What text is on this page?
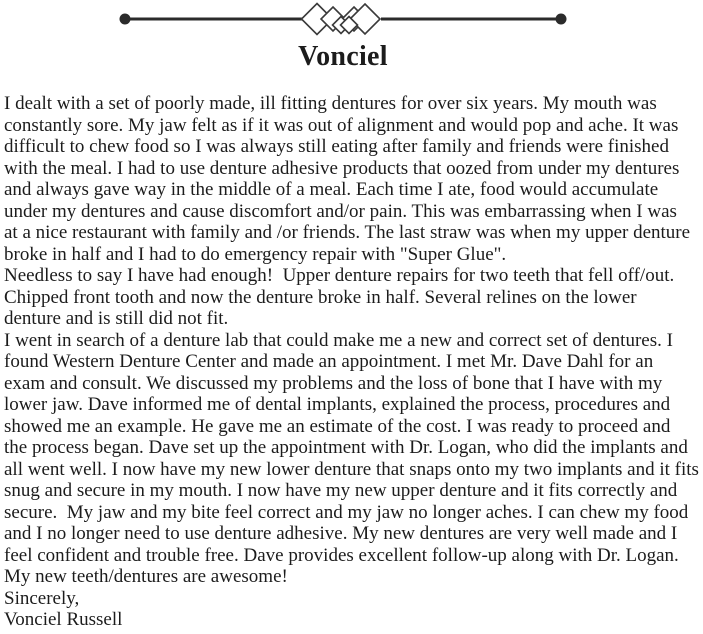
Vonciel
I dealt with a set of poorly made, ill fitting dentures for over six years. My mouth was
constantly sore. My jaw felt as if it was out of alignment and would pop and ache. It was
difficult to chew food so I was always still eating after family and friends were finished
with the meal. I had to use denture adhesive products that oozed from under my dentures
and always gave way in the middle of a meal. Each time I ate, food would accumulate
under my dentures and cause discomfort and/or pain. This was embarrassing when I was
at a nice restaurant with family and /or friends. The last straw was when my upper denture
broke in half and I had to do emergency repair with "Super Glue".
Needless to say I have had enough!  Upper denture repairs for two teeth that fell off/out.
Chipped front tooth and now the denture broke in half. Several relines on the lower
denture and is still did not fit.
I went in search of a denture lab that could make me a new and correct set of dentures. I
found Western Denture Center and made an appointment. I met Mr. Dave Dahl for an
exam and consult. We discussed my problems and the loss of bone that I have with my
lower jaw. Dave informed me of dental implants, explained the process, procedures and
showed me an example. He gave me an estimate of the cost. I was ready to proceed and
the process began. Dave set up the appointment with Dr. Logan, who did the implants and
all went well. I now have my new lower denture that snaps onto my two implants and it fits
snug and secure in my mouth. I now have my new upper denture and it fits correctly and
secure.  My jaw and my bite feel correct and my jaw no longer aches. I can chew my food
and I no longer need to use denture adhesive. My new dentures are very well made and I
feel confident and trouble free. Dave provides excellent follow-up along with Dr. Logan.
My new teeth/dentures are awesome!
Sincerely,
Vonciel Russell
